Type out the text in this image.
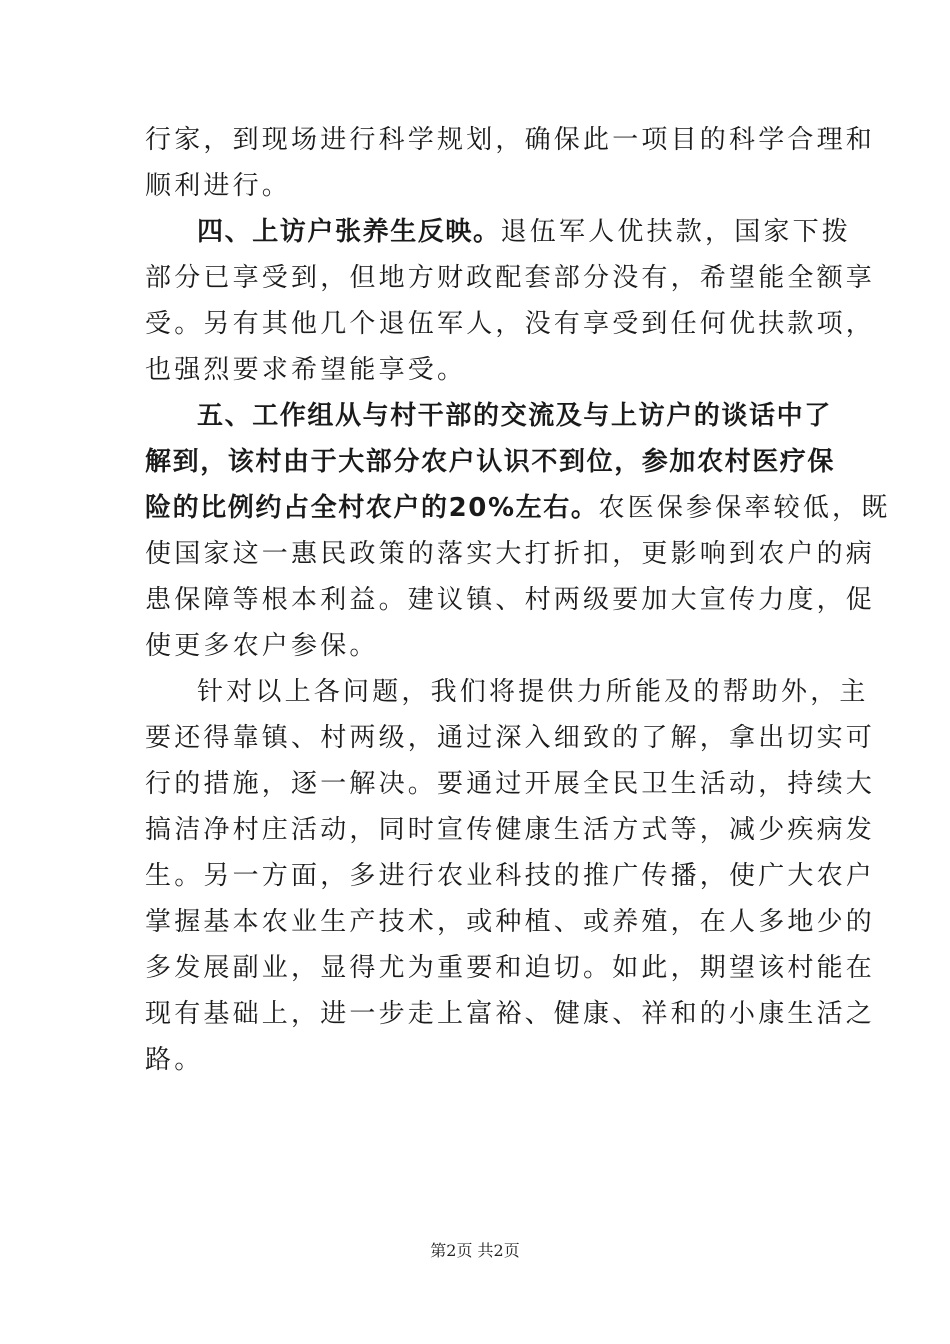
行家，到现场进行科学规划，确保此一项目的科学合理和
顺利进行。
四、上访户张养生反映。退伍军人优扶款，国家下拨
部分已享受到，但地方财政配套部分没有，希望能全额享
受。另有其他几个退伍军人，没有享受到任何优扶款项，
也强烈要求希望能享受。
五、工作组从与村干部的交流及与上访户的谈话中了
解到，该村由于大部分农户认识不到位，参加农村医疗保
险的比例约占全村农户的20%左右。农医保参保率较低，既
使国家这一惠民政策的落实大打折扣，更影响到农户的病
患保障等根本利益。建议镇、村两级要加大宣传力度，促
使更多农户参保。
针对以上各问题，我们将提供力所能及的帮助外，主
要还得靠镇、村两级，通过深入细致的了解，拿出切实可
行的措施，逐一解决。要通过开展全民卫生活动，持续大
搞洁净村庄活动，同时宣传健康生活方式等，减少疾病发
生。另一方面，多进行农业科技的推广传播，使广大农户
掌握基本农业生产技术，或种植、或养殖，在人多地少的
多发展副业，显得尤为重要和迫切。如此，期望该村能在
现有基础上，进一步走上富裕、健康、祥和的小康生活之
路。
第2页 共2页
